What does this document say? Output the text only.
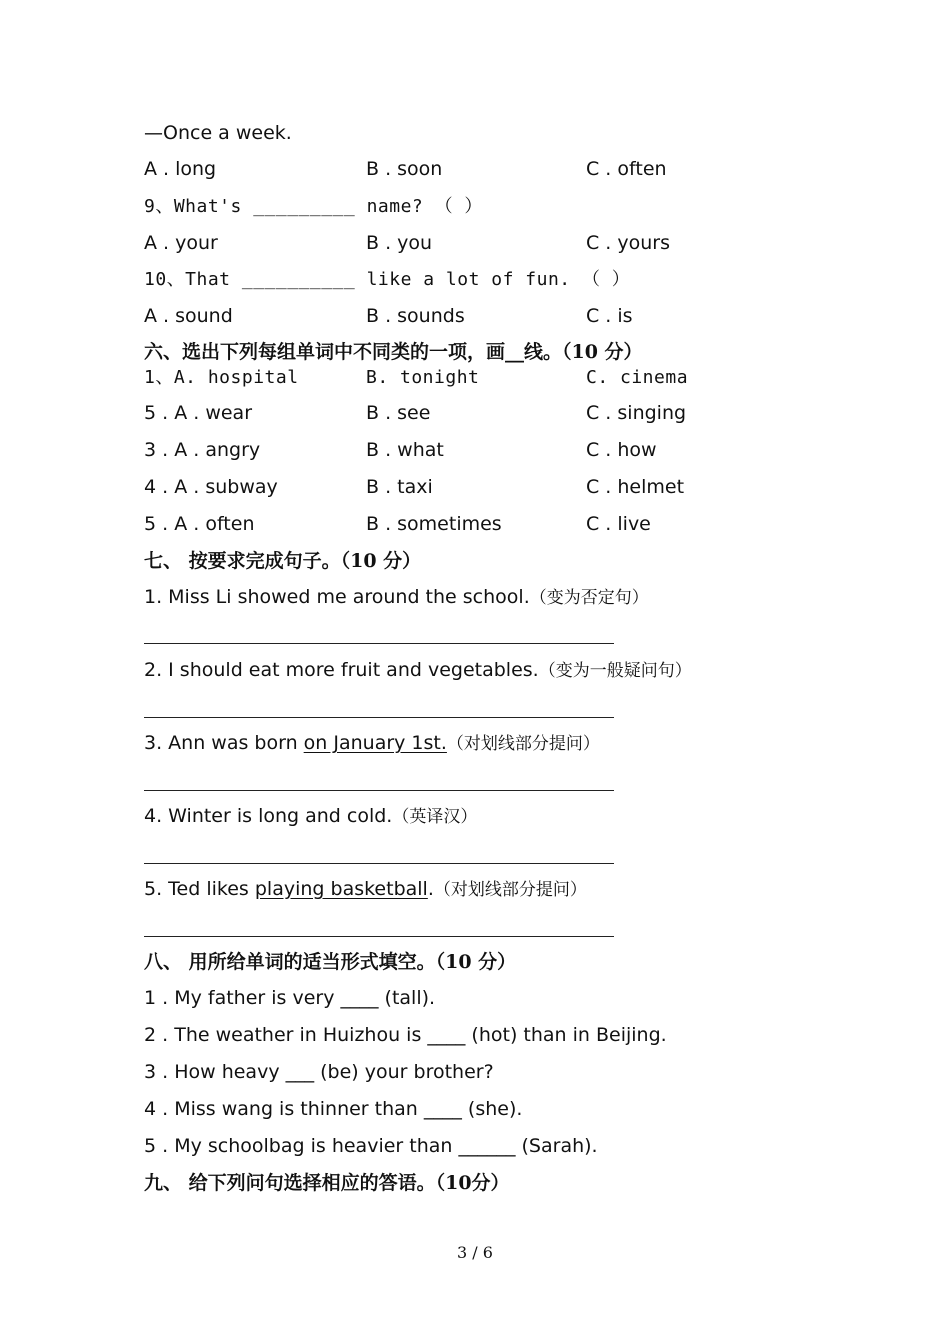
—Once a week.
A . long	B . soon	C . often
9、What's _________ name? （ ）
A . your	B . you	C . yours
10、That __________ like a lot of fun. （ ）
A . sound	B . sounds	C . is
六、选出下列每组单词中不同类的一项，画__线。（10 分）
1、A. hospital	B. tonight	C. cinema
5 . A . wear	B . see	C . singing
3 . A . angry	B . what	C . how
4 . A . subway	B . taxi	C . helmet
5 . A . often	B . sometimes	C . live
七、 按要求完成句子。（10 分）
1. Miss Li showed me around the school.（变为否定句）
2. I should eat more fruit and vegetables.（变为一般疑问句）
3. Ann was born on January 1st.（对划线部分提问）
4. Winter is long and cold.（英译汉）
5. Ted likes playing basketball.（对划线部分提问）
八、 用所给单词的适当形式填空。（10 分）
1 . My father is very ____ (tall).
2 . The weather in Huizhou is ____ (hot) than in Beijing.
3 . How heavy ___ (be) your brother?
4 . Miss wang is thinner than ____ (she).
5 . My schoolbag is heavier than ______ (Sarah).
九、 给下列问句选择相应的答语。（10分）
3 / 6
